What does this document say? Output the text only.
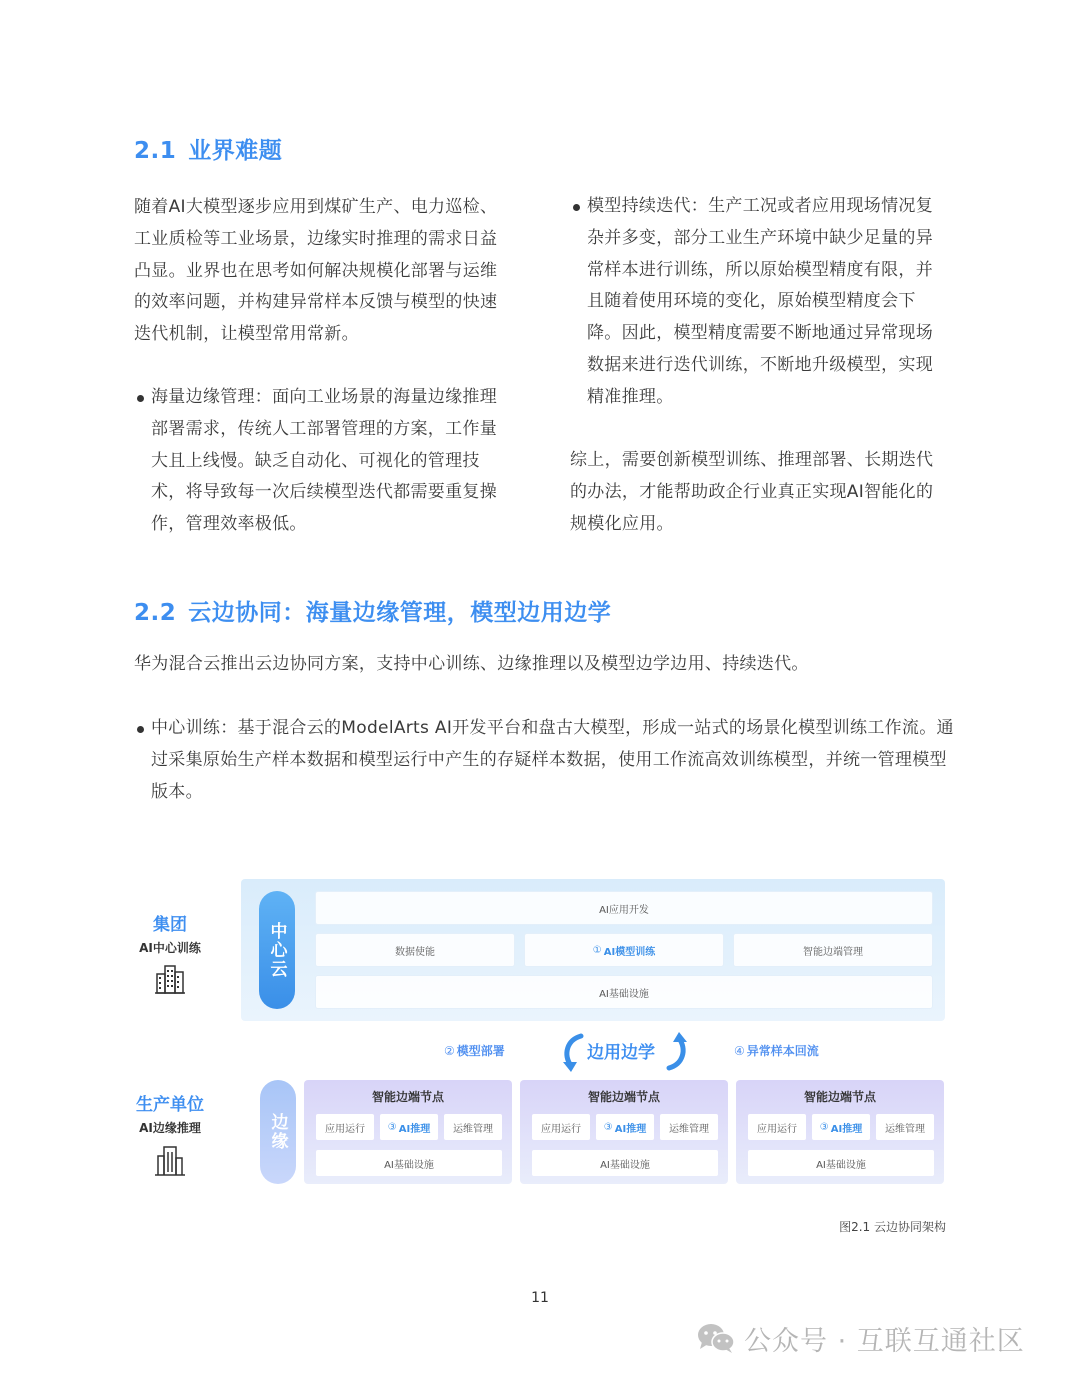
2.1 业界难题

随着AI大模型逐步应用到煤矿生产、电力巡检、工业质检等工业场景，边缘实时推理的需求日益凸显。业界也在思考如何解决规模化部署与运维的效率问题，并构建异常样本反馈与模型的快速迭代机制，让模型常用常新。

海量边缘管理：面向工业场景的海量边缘推理部署需求，传统人工部署管理的方案，工作量大且上线慢。缺乏自动化、可视化的管理技术，将导致每一次后续模型迭代都需要重复操作，管理效率极低。

模型持续迭代：生产工况或者应用现场情况复杂并多变，部分工业生产环境中缺少足量的异常样本进行训练，所以原始模型精度有限，并且随着使用环境的变化，原始模型精度会下降。因此，模型精度需要不断地通过异常现场数据来进行迭代训练，不断地升级模型，实现精准推理。

综上，需要创新模型训练、推理部署、长期迭代的办法，才能帮助政企行业真正实现AI智能化的规模化应用。

2.2 云边协同：海量边缘管理，模型边用边学

华为混合云推出云边协同方案，支持中心训练、边缘推理以及模型边学边用、持续迭代。

中心训练：基于混合云的ModelArts AI开发平台和盘古大模型，形成一站式的场景化模型训练工作流。通过采集原始生产样本数据和模型运行中产生的存疑样本数据，使用工作流高效训练模型，并统一管理模型版本。

集团
AI中心训练
生产单位
AI边缘推理
中心云
AI应用开发
数据使能	① AI模型训练	智能边端管理
AI基础设施
② 模型部署	边用边学	④ 异常样本回流
边缘
智能边端节点
应用运行	③ AI推理	运维管理
AI基础设施
智能边端节点
应用运行	③ AI推理	运维管理
AI基础设施
智能边端节点
应用运行	③ AI推理	运维管理
AI基础设施
图2.1 云边协同架构
11
公众号 · 互联互通社区
